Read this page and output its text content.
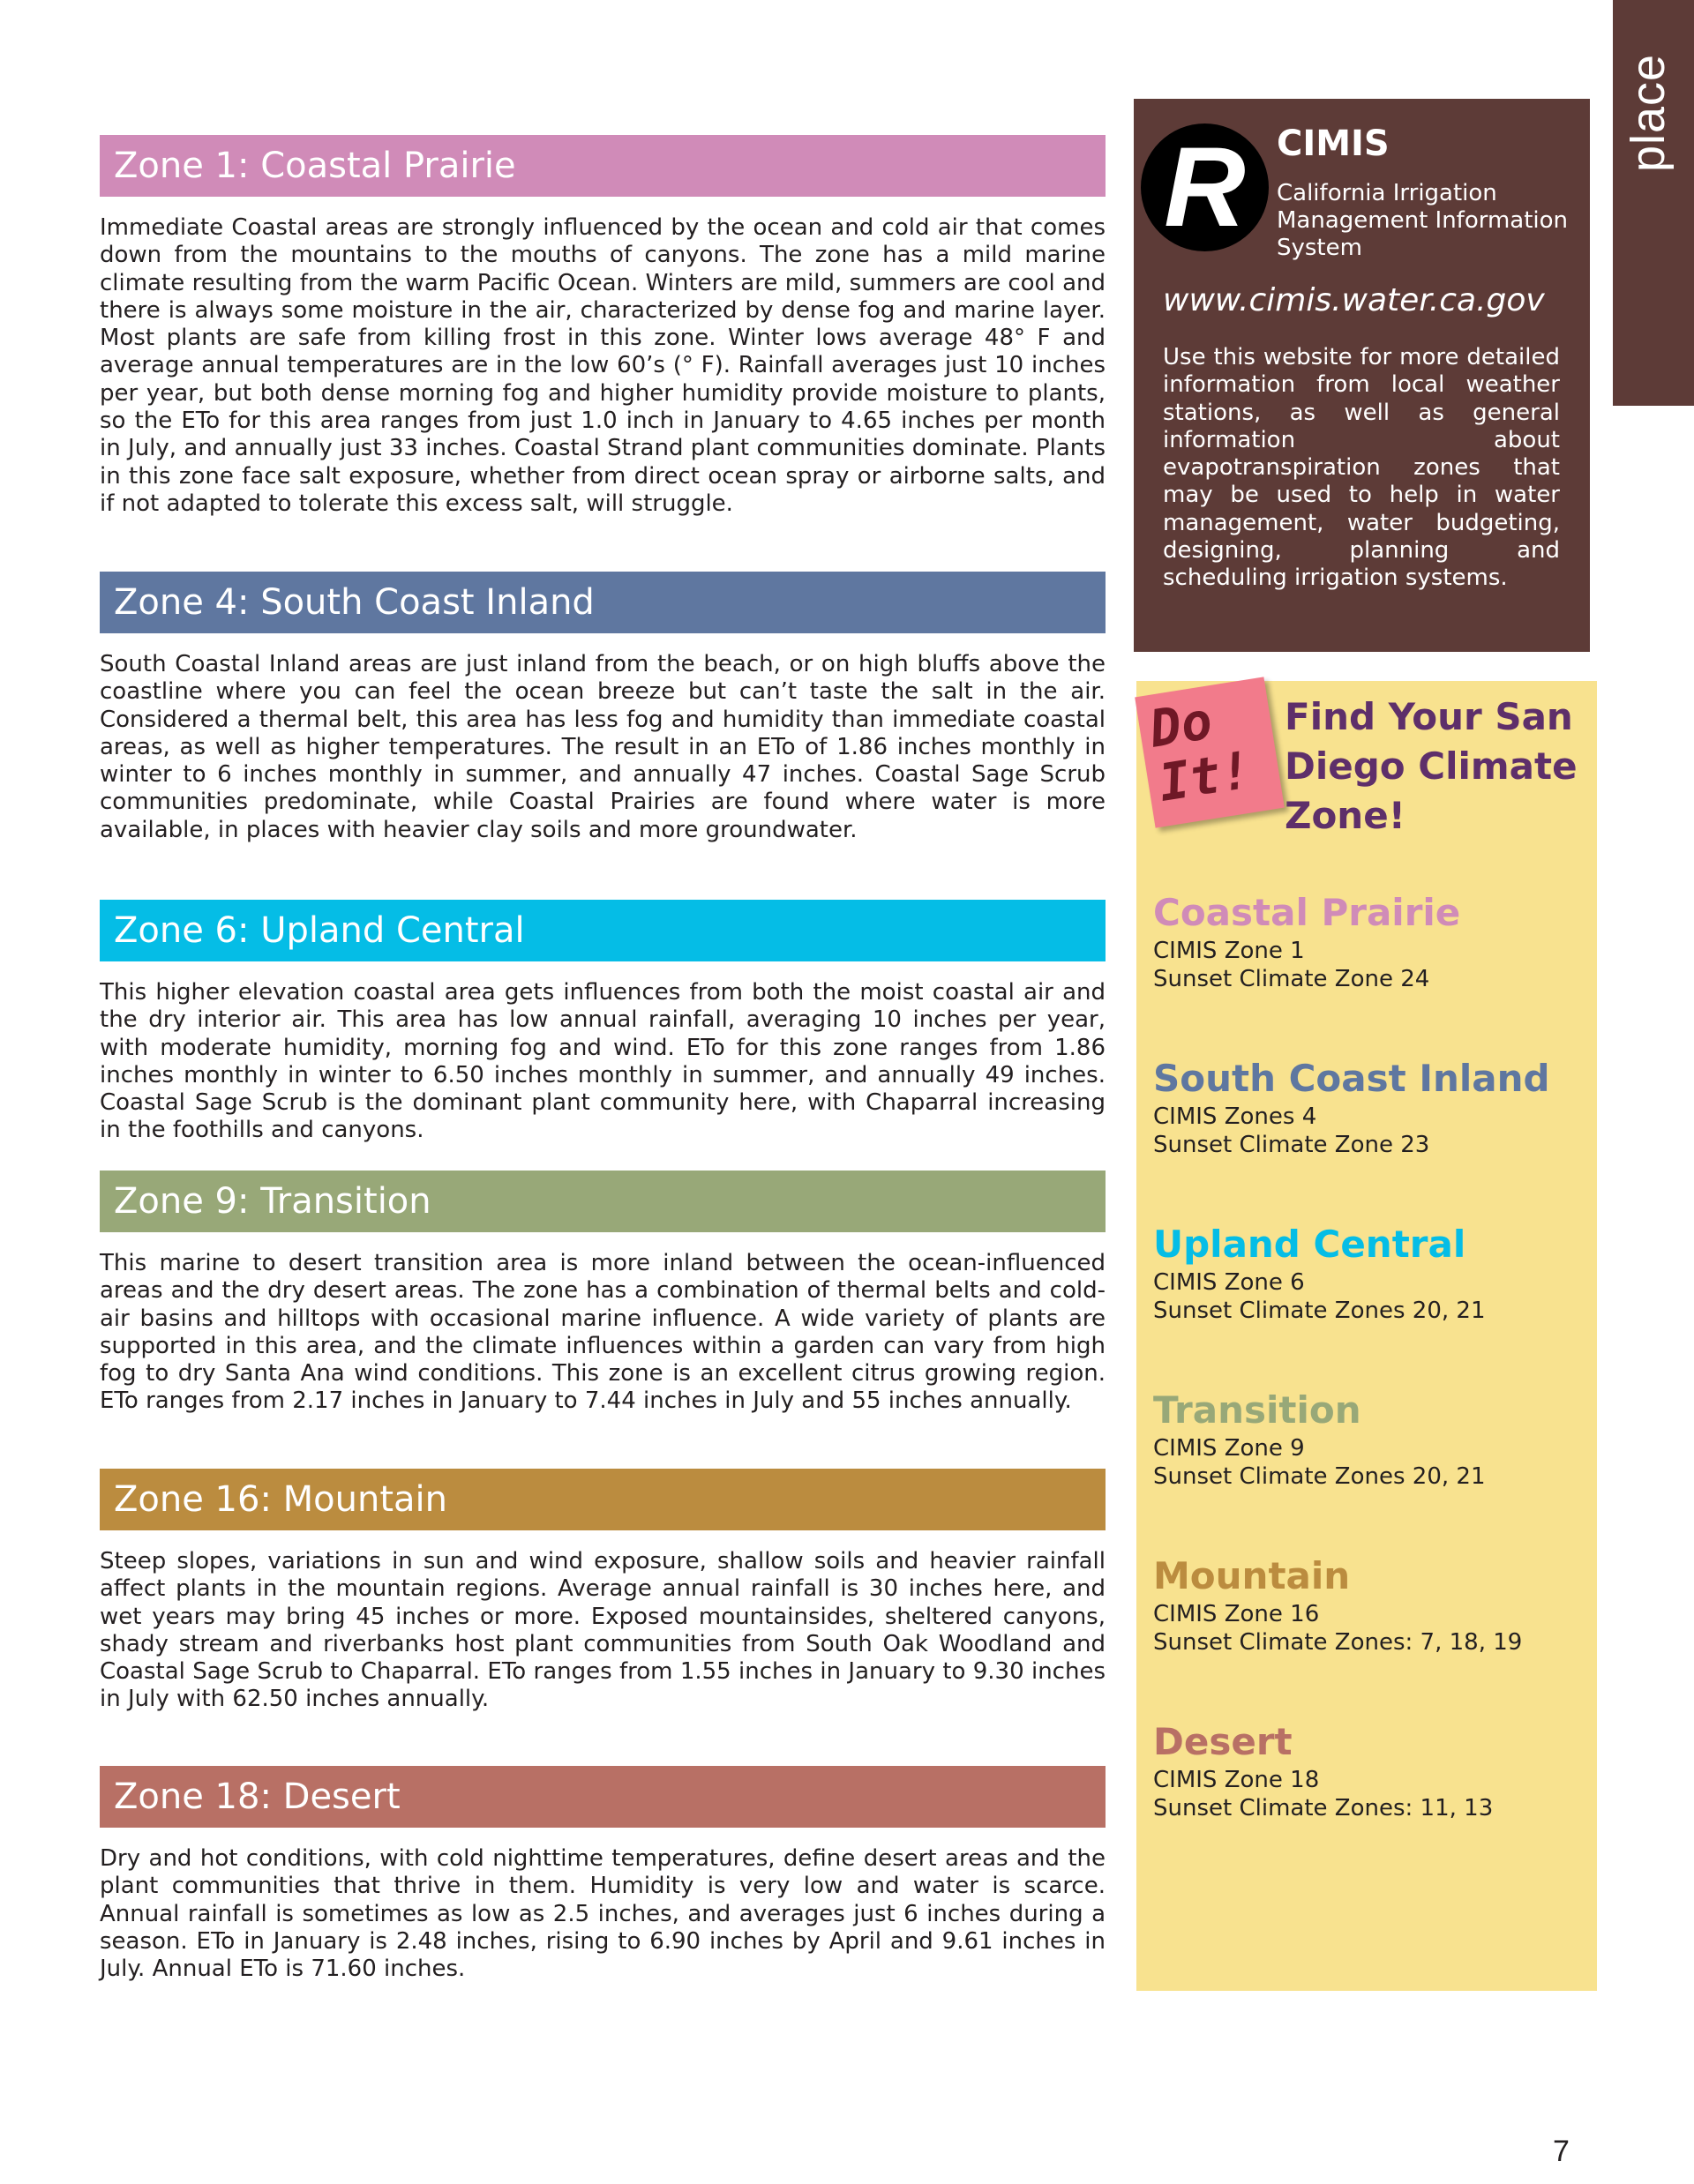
place
Zone 1: Coastal Prairie

Immediate Coastal areas are strongly influenced by the ocean and cold air that comes down from the mountains to the mouths of canyons. The zone has a mild marine climate resulting from the warm Pacific Ocean. Winters are mild, summers are cool and there is always some moisture in the air, characterized by dense fog and marine layer. Most plants are safe from killing frost in this zone. Winter lows average 48° F and average annual temperatures are in the low 60’s (° F). Rainfall averages just 10 inches per year, but both dense morning fog and higher humidity provide moisture to plants, so the ETo for this area ranges from just 1.0 inch in January to 4.65 inches per month in July, and annually just 33 inches. Coastal Strand plant communities dominate. Plants in this zone face salt exposure, whether from direct ocean spray or airborne salts, and if not adapted to tolerate this excess salt, will struggle.

Zone 4: South Coast Inland

South Coastal Inland areas are just inland from the beach, or on high bluffs above the coastline where you can feel the ocean breeze but can’t taste the salt in the air. Considered a thermal belt, this area has less fog and humidity than immediate coastal areas, as well as higher temperatures. The result in an ETo of 1.86 inches monthly in winter to 6 inches monthly in summer, and annually 47 inches. Coastal Sage Scrub communities predominate, while Coastal Prairies are found where water is more available, in places with heavier clay soils and more groundwater.

Zone 6: Upland Central

This higher elevation coastal area gets influences from both the moist coastal air and the dry interior air. This area has low annual rainfall, averaging 10 inches per year, with moderate humidity, morning fog and wind. ETo for this zone ranges from 1.86 inches monthly in winter to 6.50 inches monthly in summer, and annually 49 inches. Coastal Sage Scrub is the dominant plant community here, with Chaparral increasing in the foothills and canyons.

Zone 9: Transition

This marine to desert transition area is more inland between the ocean-influenced areas and the dry desert areas. The zone has a combination of thermal belts and cold-air basins and hilltops with occasional marine influence. A wide variety of plants are supported in this area, and the climate influences within a garden can vary from high fog to dry Santa Ana wind conditions. This zone is an excellent citrus growing region. ETo ranges from 2.17 inches in January to 7.44 inches in July and 55 inches annually.

Zone 16: Mountain

Steep slopes, variations in sun and wind exposure, shallow soils and heavier rainfall affect plants in the mountain regions. Average annual rainfall is 30 inches here, and wet years may bring 45 inches or more. Exposed mountainsides, sheltered canyons, shady stream and riverbanks host plant communities from South Oak Woodland and Coastal Sage Scrub to Chaparral. ETo ranges from 1.55 inches in January to 9.30 inches in July with 62.50 inches annually.

Zone 18: Desert

Dry and hot conditions, with cold nighttime temperatures, define desert areas and the plant communities that thrive in them. Humidity is very low and water is scarce. Annual rainfall is sometimes as low as 2.5 inches, and averages just 6 inches during a season. ETo in January is 2.48 inches, rising to 6.90 inches by April and 9.61 inches in July. Annual ETo is 71.60 inches.

R CIMIS
California Irrigation Management Information System
www.cimis.water.ca.gov
Use this website for more detailed information from local weather stations, as well as general information about evapotranspiration zones that may be used to help in water management, water budgeting, designing, planning and scheduling irrigation systems.
Do
It!
Find Your San Diego Climate Zone!

Coastal Prairie

CIMIS Zone 1

Sunset Climate Zone 24

South Coast Inland

CIMIS Zones 4

Sunset Climate Zone 23

Upland Central

CIMIS Zone 6

Sunset Climate Zones 20, 21

Transition

CIMIS Zone 9

Sunset Climate Zones 20, 21

Mountain

CIMIS Zone 16

Sunset Climate Zones: 7, 18, 19

Desert

CIMIS Zone 18

Sunset Climate Zones: 11, 13

7
